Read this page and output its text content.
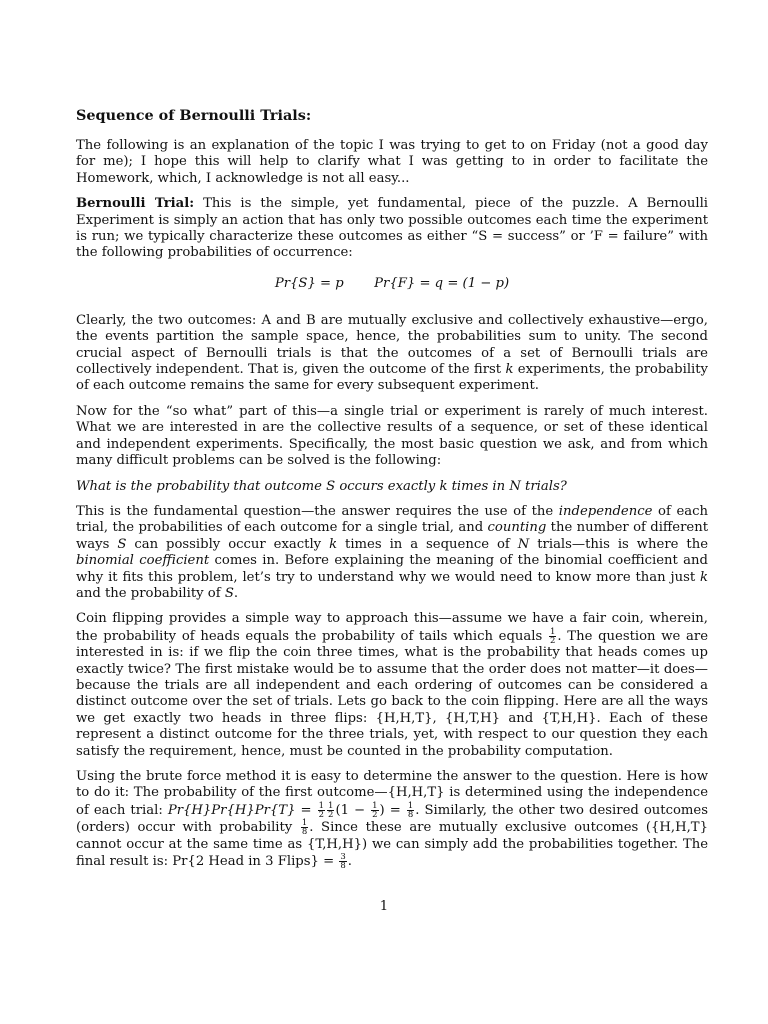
Sequence of Bernoulli Trials:

The following is an explanation of the topic I was trying to get to on Friday (not a good day for me); I hope this will help to clarify what I was getting to in order to facilitate the Homework, which, I acknowledge is not all easy...

Bernoulli Trial: This is the simple, yet fundamental, piece of the puzzle. A Bernoulli Experiment is simply an action that has only two possible outcomes each time the experiment is run; we typically characterize these outcomes as either “S = success” or ’F = failure” with the following probabilities of occurrence:

Pr{S} = p Pr{F} = q = (1 − p)

Clearly, the two outcomes: A and B are mutually exclusive and collectively exhaustive—ergo, the events partition the sample space, hence, the probabilities sum to unity. The second crucial aspect of Bernoulli trials is that the outcomes of a set of Bernoulli trials are collectively independent. That is, given the outcome of the first k experiments, the probability of each outcome remains the same for every subsequent experiment.

Now for the “so what” part of this—a single trial or experiment is rarely of much interest. What we are interested in are the collective results of a sequence, or set of these identical and independent experiments. Specifically, the most basic question we ask, and from which many difficult problems can be solved is the following:

What is the probability that outcome S occurs exactly k times in N trials?

This is the fundamental question—the answer requires the use of the independence of each trial, the probabilities of each outcome for a single trial, and counting the number of different ways S can possibly occur exactly k times in a sequence of N trials—this is where the binomial coefficient comes in. Before explaining the meaning of the binomial coefficient and why it fits this problem, let’s try to understand why we would need to know more than just k and the probability of S.

Coin flipping provides a simple way to approach this—assume we have a fair coin, wherein, the probability of heads equals the probability of tails which equals $\frac{1}{2}$ . The question we are interested in is: if we flip the coin three times, what is the probability that heads comes up exactly twice? The first mistake would be to assume that the order does not matter—it does—because the trials are all independent and each ordering of outcomes can be considered a distinct outcome over the set of trials. Lets go back to the coin flipping. Here are all the ways we get exactly two heads in three flips: {H,H,T}, {H,T,H} and {T,H,H}. Each of these represent a distinct outcome for the three trials, yet, with respect to our question they each satisfy the requirement, hence, must be counted in the probability computation.

Using the brute force method it is easy to determine the answer to the question. Here is how to do it: The probability of the first outcome—{H,H,T} is determined using the independence of each trial: $Pr\{H\}Pr\{H\}Pr\{T\} = \frac{1}{2} \frac{1}{2} (1 - \frac{1}{2}$ ) = $\frac{1}{8}$ . Similarly, the other two desired outcomes (orders) occur with probability $\frac{1}{8}$ . Since these are mutually exclusive outcomes ({H,H,T} cannot occur at the same time as {T,H,H}) we can simply add the probabilities together. The final result is: Pr{2 Head in 3 Flips} = $\frac{3}{8}$ .

1
